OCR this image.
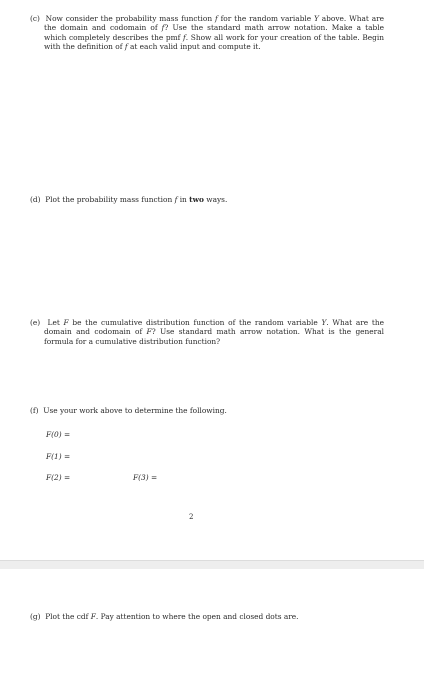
(c) Now consider the probability mass function f for the random variable Y above. What are the domain and codomain of f? Use the standard math arrow notation. Make a table which completely describes the pmf f. Show all work for your creation of the table. Begin with the definition of f at each valid input and compute it.
(d) Plot the probability mass function f in two ways.
(e) Let F be the cumulative distribution function of the random variable Y. What are the domain and codomain of F? Use standard math arrow notation. What is the general formula for a cumulative distribution function?
(f) Use your work above to determine the following.
F(0) =
F(1) =
F(2) =	F(3) =
2
(g) Plot the cdf F. Pay attention to where the open and closed dots are.
